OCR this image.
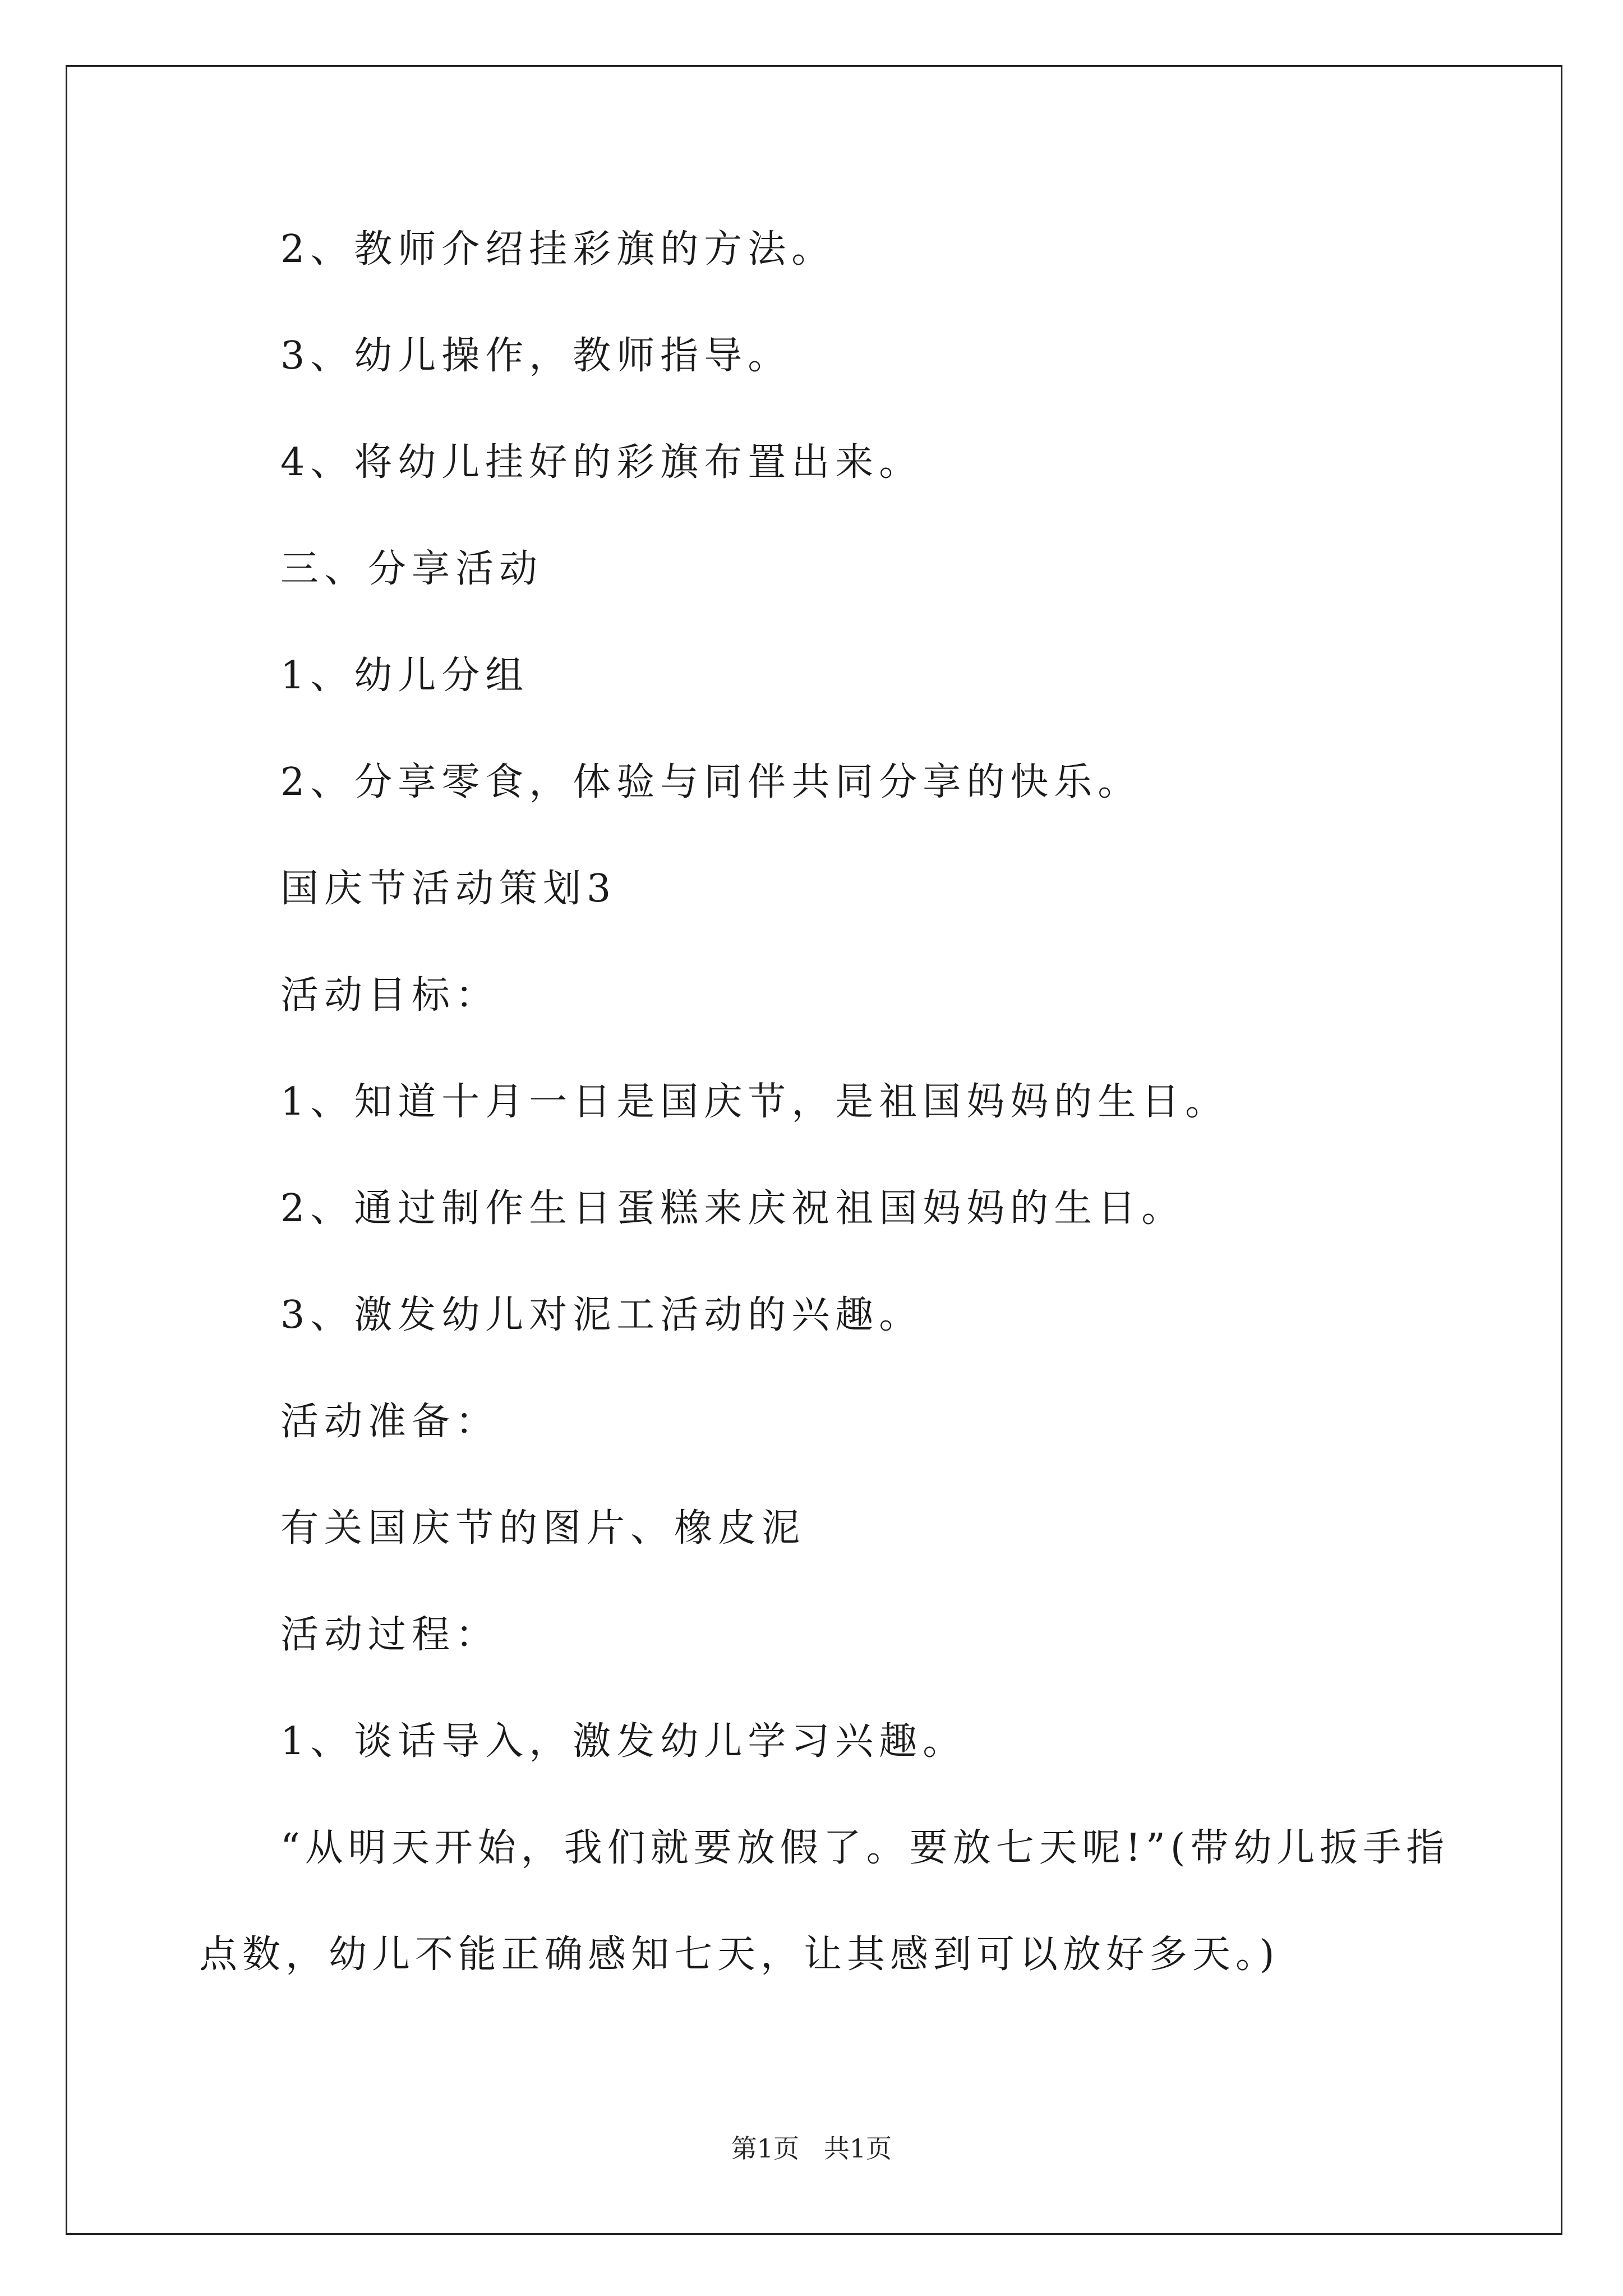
2、教师介绍挂彩旗的方法。
3、幼儿操作，教师指导。
4、将幼儿挂好的彩旗布置出来。
三、分享活动
1、幼儿分组
2、分享零食，体验与同伴共同分享的快乐。
国庆节活动策划3
活动目标：
1、知道十月一日是国庆节，是祖国妈妈的生日。
2、通过制作生日蛋糕来庆祝祖国妈妈的生日。
3、激发幼儿对泥工活动的兴趣。
活动准备：
有关国庆节的图片、橡皮泥
活动过程：
1、谈话导入，激发幼儿学习兴趣。
“从明天开始，我们就要放假了。要放七天呢!”(带幼儿扳手指
点数，幼儿不能正确感知七天，让其感到可以放好多天。)
第1页   共1页
